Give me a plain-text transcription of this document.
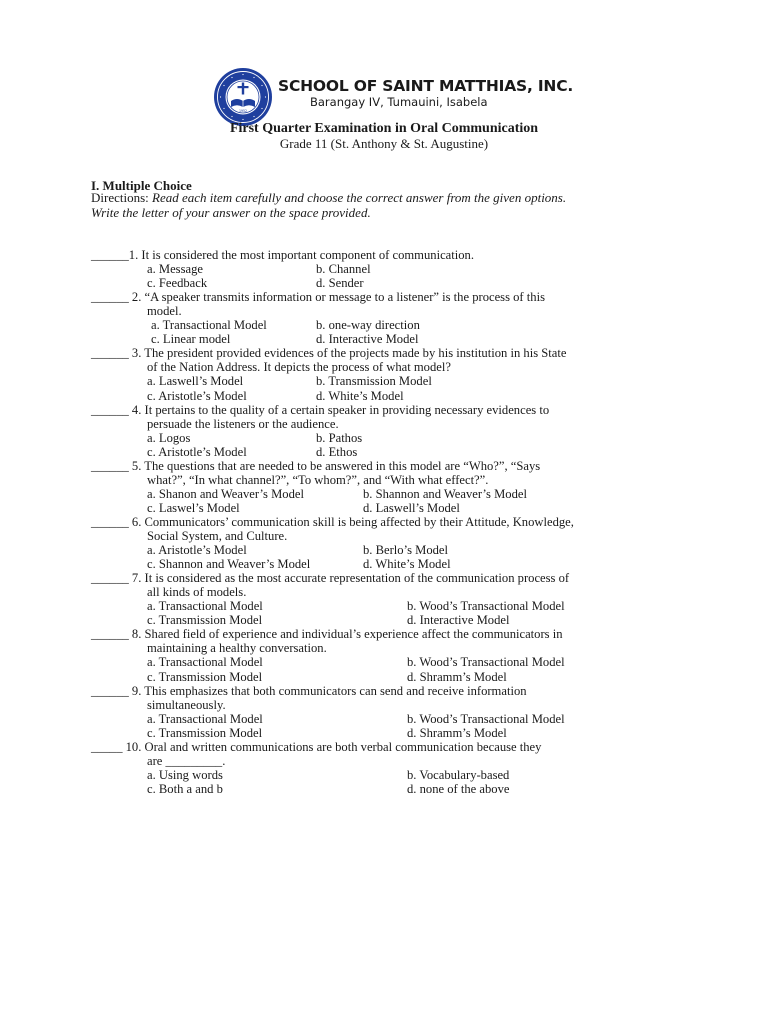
1952
SCHOOL OF SAINT MATTHIAS, INC.
Barangay IV, Tumauini, Isabela
First Quarter Examination in Oral Communication
Grade 11 (St. Anthony & St. Augustine)
I. Multiple Choice
Directions: Read each item carefully and choose the correct answer from the given options.
Write the letter of your answer on the space provided.
______1. It is considered the most important component of communication.
a. Message	b. Channel
c. Feedback	d. Sender
______ 2. “A speaker transmits information or message to a listener” is the process of this
model.
a. Transactional Model	b. one-way direction
c. Linear model	d. Interactive Model
______ 3. The president provided evidences of the projects made by his institution in his State
of the Nation Address. It depicts the process of what model?
a. Laswell’s Model	b. Transmission Model
c. Aristotle’s Model	d. White’s Model
______ 4. It pertains to the quality of a certain speaker in providing necessary evidences to
persuade the listeners or the audience.
a. Logos	b. Pathos
c. Aristotle’s Model	d. Ethos
______ 5. The questions that are needed to be answered in this model are “Who?”, “Says
what?”, “In what channel?”, “To whom?”, and “With what effect?”.
a. Shanon and Weaver’s Model	b. Shannon and Weaver’s Model
c. Laswel’s Model	d. Laswell’s Model
______ 6. Communicators’ communication skill is being affected by their Attitude, Knowledge,
Social System, and Culture.
a. Aristotle’s Model	b. Berlo’s Model
c. Shannon and Weaver’s Model	d. White’s Model
______ 7. It is considered as the most accurate representation of the communication process of
all kinds of models.
a. Transactional Model	b. Wood’s Transactional Model
c. Transmission Model	d. Interactive Model
______ 8. Shared field of experience and individual’s experience affect the communicators in
maintaining a healthy conversation.
a. Transactional Model	b. Wood’s Transactional Model
c. Transmission Model	d. Shramm’s Model
______ 9. This emphasizes that both communicators can send and receive information
simultaneously.
a. Transactional Model	b. Wood’s Transactional Model
c. Transmission Model	d. Shramm’s Model
_____ 10. Oral and written communications are both verbal communication because they
are _________.
a. Using words	b. Vocabulary-based
c. Both a and b	d. none of the above
